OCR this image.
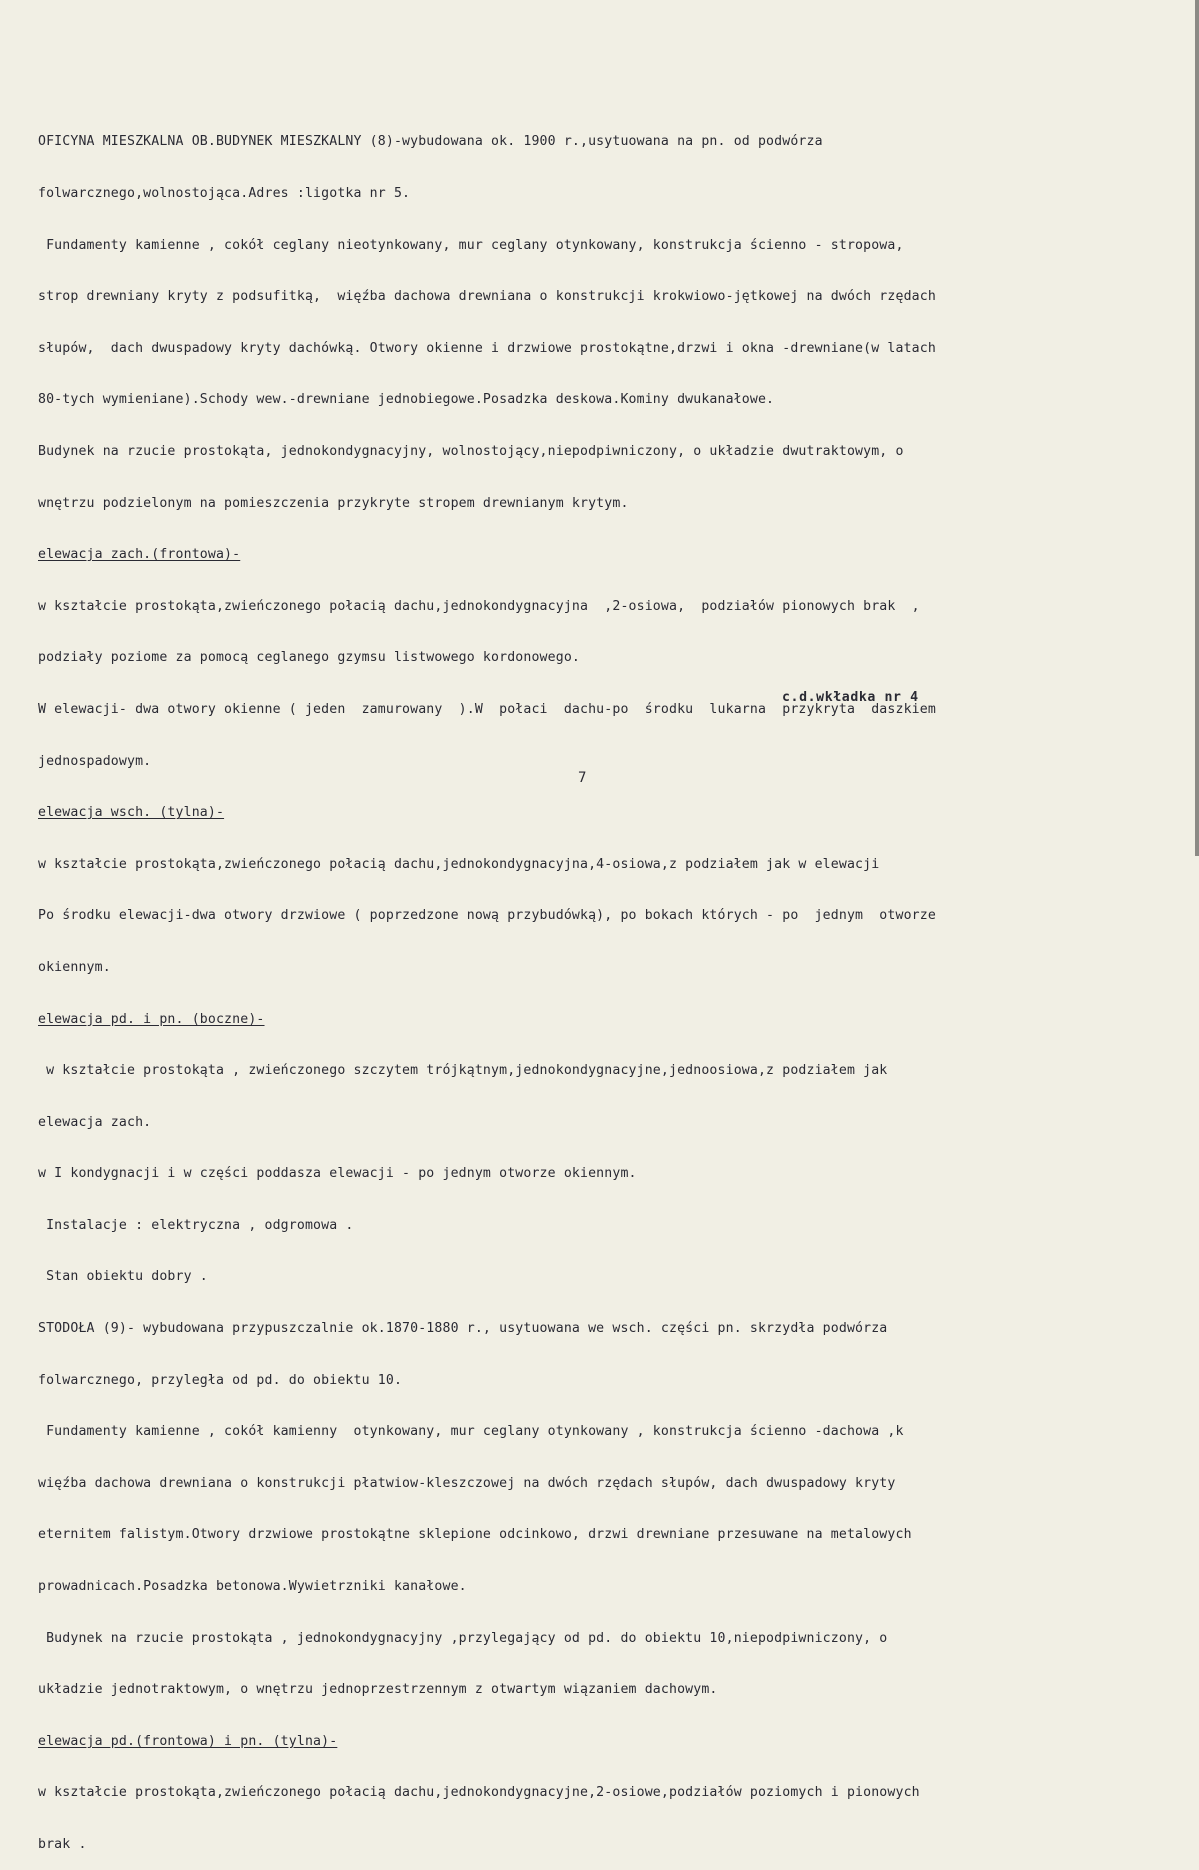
OFICYNA MIESZKALNA OB.BUDYNEK MIESZKALNY (8)-wybudowana ok. 1900 r.,usytuowana na pn. od podwórza

folwarcznego,wolnostojąca.Adres :ligotka nr 5.

Fundamenty kamienne , cokół ceglany nieotynkowany, mur ceglany otynkowany, konstrukcja ścienno - stropowa,

strop drewniany kryty z podsufitką,  więźba dachowa drewniana o konstrukcji krokwiowo-jętkowej na dwóch rzędach

słupów,  dach dwuspadowy kryty dachówką. Otwory okienne i drzwiowe prostokątne,drzwi i okna -drewniane(w latach

80-tych wymieniane).Schody wew.-drewniane jednobiegowe.Posadzka deskowa.Kominy dwukanałowe.

Budynek na rzucie prostokąta, jednokondygnacyjny, wolnostojący,niepodpiwniczony, o układzie dwutraktowym, o

wnętrzu podzielonym na pomieszczenia przykryte stropem drewnianym krytym.

elewacja zach.(frontowa)-

w kształcie prostokąta,zwieńczonego połacią dachu,jednokondygnacyjna  ,2-osiowa,  podziałów pionowych brak  ,

podziały poziome za pomocą ceglanego gzymsu listwowego kordonowego.

W elewacji- dwa otwory okienne ( jeden  zamurowany  ).W  połaci  dachu-po  środku  lukarna  przykryta  daszkiem

jednospadowym.

elewacja wsch. (tylna)-

w kształcie prostokąta,zwieńczonego połacią dachu,jednokondygnacyjna,4-osiowa,z podziałem jak w elewacji

Po środku elewacji-dwa otwory drzwiowe ( poprzedzone nową przybudówką), po bokach których - po  jednym  otworze

okiennym.

elewacja pd. i pn. (boczne)-

w kształcie prostokąta , zwieńczonego szczytem trójkątnym,jednokondygnacyjne,jednoosiowa,z podziałem jak

elewacja zach.

w I kondygnacji i w części poddasza elewacji - po jednym otworze okiennym.

Instalacje : elektryczna , odgromowa .

Stan obiektu dobry .

STODOŁA (9)- wybudowana przypuszczalnie ok.1870-1880 r., usytuowana we wsch. części pn. skrzydła podwórza

folwarcznego, przyległa od pd. do obiektu 10.

Fundamenty kamienne , cokół kamienny  otynkowany, mur ceglany otynkowany , konstrukcja ścienno -dachowa ,k

więźba dachowa drewniana o konstrukcji płatwiow-kleszczowej na dwóch rzędach słupów, dach dwuspadowy kryty

eternitem falistym.Otwory drzwiowe prostokątne sklepione odcinkowo, drzwi drewniane przesuwane na metalowych

prowadnicach.Posadzka betonowa.Wywietrzniki kanałowe.

Budynek na rzucie prostokąta , jednokondygnacyjny ,przylegający od pd. do obiektu 10,niepodpiwniczony, o

układzie jednotraktowym, o wnętrzu jednoprzestrzennym z otwartym wiązaniem dachowym.

elewacja pd.(frontowa) i pn. (tylna)-

w kształcie prostokąta,zwieńczonego połacią dachu,jednokondygnacyjne,2-osiowe,podziałów poziomych i pionowych

brak .

c.d.wkładka nr 4
7
